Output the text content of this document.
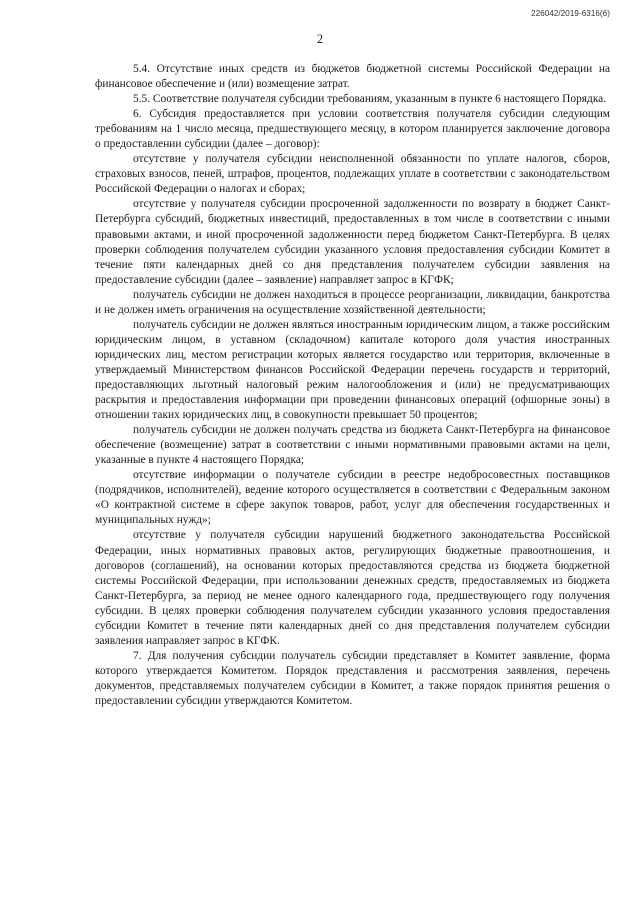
226042/2019-6316(6)
2

5.4. Отсутствие иных средств из бюджетов бюджетной системы Российской Федерации на финансовое обеспечение и (или) возмещение затрат.

5.5. Соответствие получателя субсидии требованиям, указанным в пункте 6 настоящего Порядка.

6. Субсидия предоставляется при условии соответствия получателя субсидии следующим требованиям на 1 число месяца, предшествующего месяцу, в котором планируется заключение договора о предоставлении субсидии (далее – договор):

отсутствие у получателя субсидии неисполненной обязанности по уплате налогов, сборов, страховых взносов, пеней, штрафов, процентов, подлежащих уплате в соответствии с законодательством Российской Федерации о налогах и сборах;

отсутствие у получателя субсидии просроченной задолженности по возврату в бюджет Санкт-Петербурга субсидий, бюджетных инвестиций, предоставленных в том числе в соответствии с иными правовыми актами, и иной просроченной задолженности перед бюджетом Санкт-Петербурга. В целях проверки соблюдения получателем субсидии указанного условия предоставления субсидии Комитет в течение пяти календарных дней со дня представления получателем субсидии заявления на предоставление субсидии (далее – заявление) направляет запрос в КГФК;

получатель субсидии не должен находиться в процессе реорганизации, ликвидации, банкротства и не должен иметь ограничения на осуществление хозяйственной деятельности;

получатель субсидии не должен являться иностранным юридическим лицом, а также российским юридическим лицом, в уставном (складочном) капитале которого доля участия иностранных юридических лиц, местом регистрации которых является государство или территория, включенные в утверждаемый Министерством финансов Российской Федерации перечень государств и территорий, предоставляющих льготный налоговый режим налогообложения и (или) не предусматривающих раскрытия и предоставления информации при проведении финансовых операций (офшорные зоны) в отношении таких юридических лиц, в совокупности превышает 50 процентов;

получатель субсидии не должен получать средства из бюджета Санкт-Петербурга на финансовое обеспечение (возмещение) затрат в соответствии с иными нормативными правовыми актами на цели, указанные в пункте 4 настоящего Порядка;

отсутствие информации о получателе субсидии в реестре недобросовестных поставщиков (подрядчиков, исполнителей), ведение которого осуществляется в соответствии с Федеральным законом «О контрактной системе в сфере закупок товаров, работ, услуг для обеспечения государственных и муниципальных нужд»;

отсутствие у получателя субсидии нарушений бюджетного законодательства Российской Федерации, иных нормативных правовых актов, регулирующих бюджетные правоотношения, и договоров (соглашений), на основании которых предоставляются средства из бюджета бюджетной системы Российской Федерации, при использовании денежных средств, предоставляемых из бюджета Санкт-Петербурга, за период не менее одного календарного года, предшествующего году получения субсидии. В целях проверки соблюдения получателем субсидии указанного условия предоставления субсидии Комитет в течение пяти календарных дней со дня представления получателем субсидии заявления направляет запрос в КГФК.

7. Для получения субсидии получатель субсидии представляет в Комитет заявление, форма которого утверждается Комитетом. Порядок представления и рассмотрения заявления, перечень документов, представляемых получателем субсидии в Комитет, а также порядок принятия решения о предоставлении субсидии утверждаются Комитетом.
